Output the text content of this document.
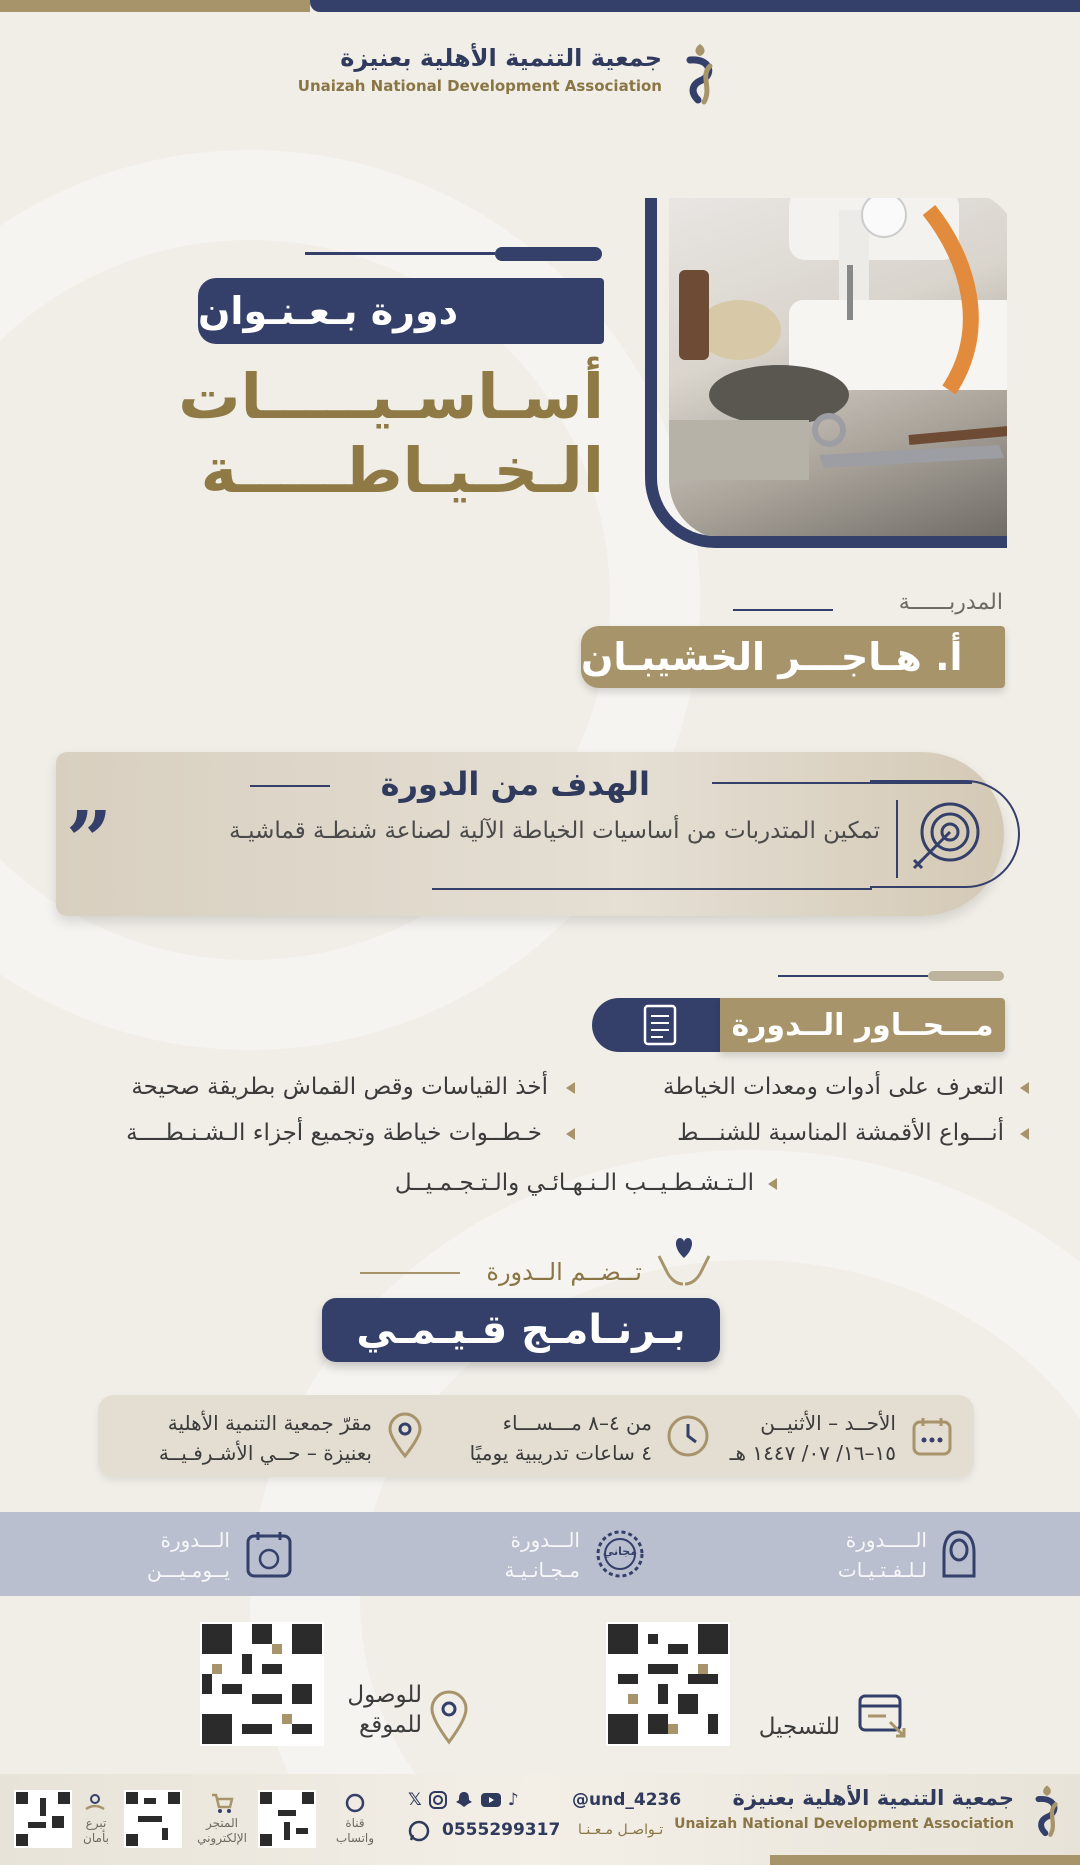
جمعية التنمية الأهلية بعنيزة
Unaizah National Development Association
دورة بـعـنـوان
أسـاسـيـــــات
الـخـيـاطـــــة
المدربــــــة
أ. هـاجـــر الخشيبـان
الهدف من الدورة
تمكين المتدربات من أساسيات الخياطة الآلية لصناعة شنطـة قماشيـة
”
مـــحــاور الــدورة
التعرف على أدوات ومعدات الخياطة
أخذ القياسات وقص القماش بطريقة صحيحة
أنـــواع الأقمشة المناسبة للشنـــط
خـطــوات خياطة وتجميع أجزاء الـشـنـطــــة
الـتـشـطـيــب الـنـهـائـي والـتـجـمـيــل
تــضــم الــدورة
بـرنـامـج قـيـمـي
الأحــد – الأثنيــن
١٥–١٦/ ٠٧/ ١٤٤٧ هـ
من ٤–٨ مـــســـاء
٤ ساعات تدريبية يوميًا
مقرّ جمعية التنمية الأهلية
بعنيزة – حــي الأشـرفـيــة
الـــــدورة
لـلـفـتـيـات
مجاني
الـــدورة
مـجـانـيـة
الـــدورة
يــومـيـــن
للتسجيل
للوصول
للموقع
جمعية التنمية الأهلية بعنيزة
Unaizah National Development Association
@und_4236
تـواصـل مـعـنـا
0555299317
𝕏	♪
قناة
واتساب
المتجر
الإلكتروني
تبرع
بأمان
